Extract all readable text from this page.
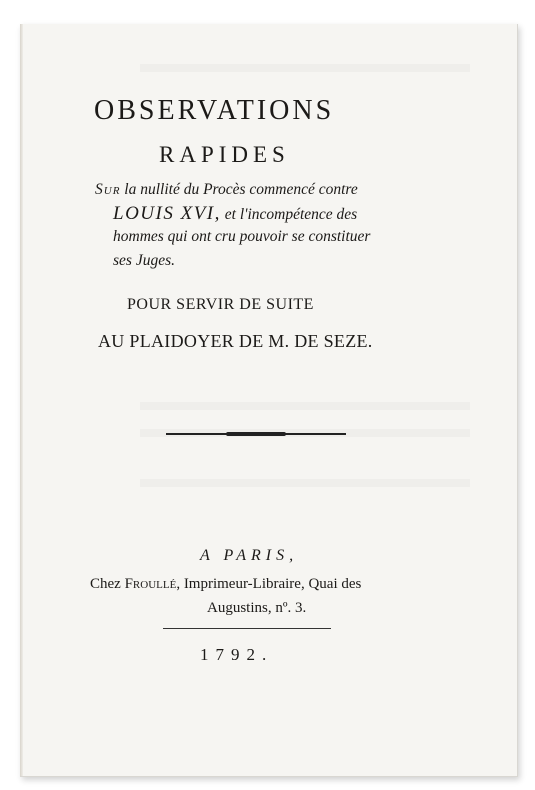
OBSERVATIONS
RAPIDES
Sur la nullité du Procès commencé contre
LOUIS XVI, et l'incompétence des
hommes qui ont cru pouvoir se constituer
ses Juges.
POUR SERVIR DE SUITE
AU PLAIDOYER DE M. DE SEZE.
A PARIS,
Chez Froullé, Imprimeur-Libraire, Quai des
Augustins, nº. 3.
1792.
